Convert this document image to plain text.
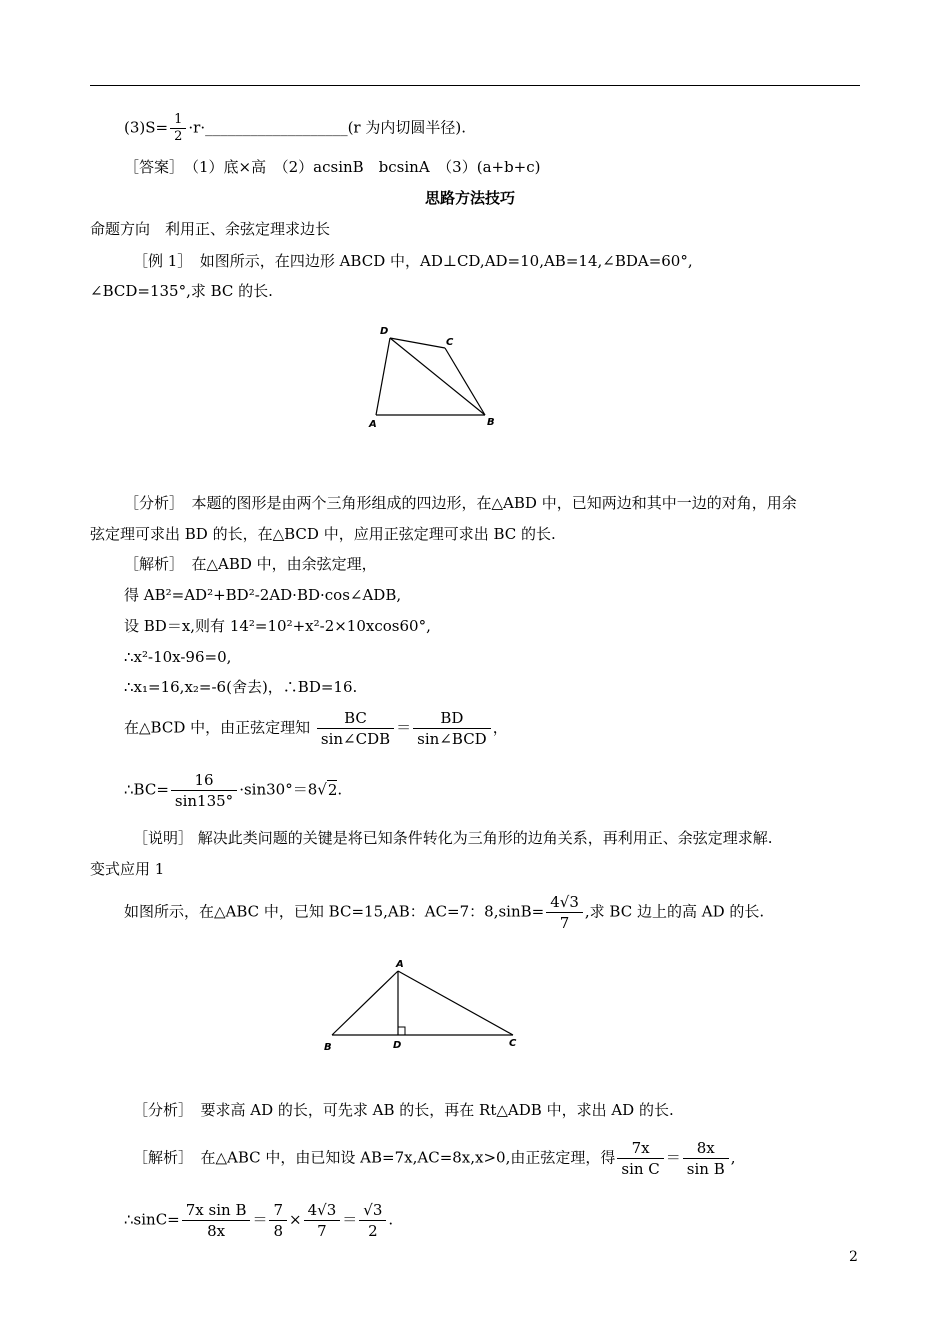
$(3)S= \frac{1}{2}$ ·r·___________________(r 为内切圆半径).
［答案］　（1）底×高　（2）acsinB　bcsinA　（3）(a+b+c)
思路方法技巧
命题方向　利用正、余弦定理求边长
［例 1］　如图所示，在四边形 ABCD 中，AD⊥CD,AD=10,AB=14,∠BDA=60°,
∠BCD=135°,求 BC 的长.
D
C
A	B
［分析］　本题的图形是由两个三角形组成的四边形，在△ABD 中，已知两边和其中一边的对角，用余
弦定理可求出 BD 的长，在△BCD 中，应用正弦定理可求出 BC 的长.
［解析］　在△ABD 中，由余弦定理，
得 AB²=AD²+BD²-2AD·BD·cos∠ADB,
设 BD＝x,则有 14²=10²+x²-2×10xcos60°,
∴x²-10x-96=0,
∴x₁=16,x₂=-6(舍去)，∴BD=16.
在△BCD 中，由正弦定理知 $\frac{BC}{\text{sin∠CDB}} = \frac{BD}{\text{sin∠BCD}}$ ，
∴BC= $\frac{16}{\sin 135^\circ} \cdot\sin 30^\circ=8√2$.
［说明］ 解决此类问题的关键是将已知条件转化为三角形的边角关系，再利用正、余弦定理求解.
变式应用 1
如图所示，在△ABC 中，已知 BC=15,AB：AC=7：$8,\sin B= \frac{4√3}{7}$ ,求 BC 边上的高 AD 的长.
A
B	D	C
［分析］　要求高 AD 的长，可先求 AB 的长，再在 Rt△ADB 中，求出 AD 的长.
［解析］　在△ABC 中，由已知设 AB=7x,AC=8x,x>0,由正弦定理，得 $\frac{7x}{\text{sin C}} = \frac{8x}{\text{sin B}}$ ,
∴sinC= $\frac{\text{7x sin B}}{8x} = \frac{7}{8} \times \frac{4√3}{7} = \frac{√3}{2}$ .
2
